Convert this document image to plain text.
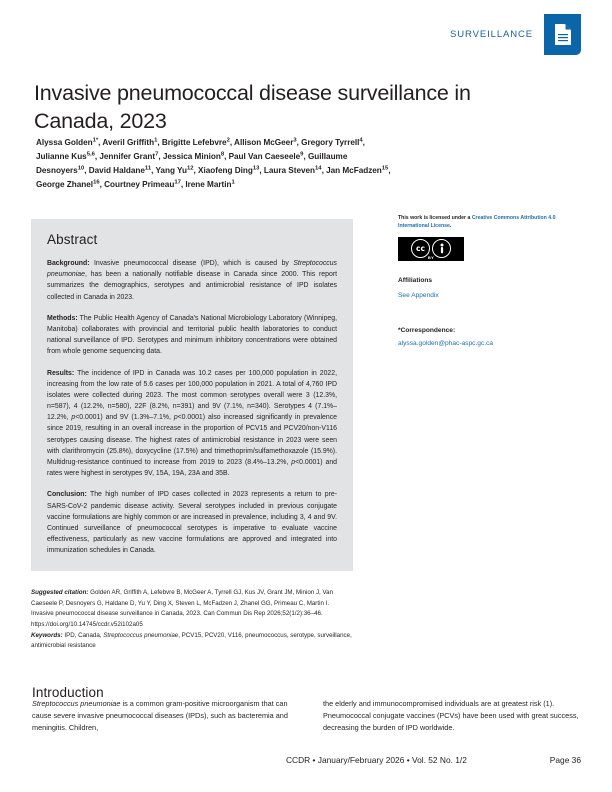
SURVEILLANCE
Invasive pneumococcal disease surveillance in Canada, 2023
Alyssa Golden$^{1*}$, Averil Griffith$^1$, Brigitte Lefebvre$^2$, Allison McGeer$^3$, Gregory Tyrrell$^4$, Julianne Kus$^{5,6}$, Jennifer Grant$^7$, Jessica Minion$^8$, Paul Van Caeseele$^9$, Guillaume Desnoyers$^{10}$, David Haldane$^{11}$, Yang Yu$^{12}$, Xiaofeng Ding$^{13}$, Laura Steven$^{14}$, Jan McFadzen$^{15}$, George Zhanel$^{16}$, Courtney Primeau$^{17}$, Irene Martin$^1$
Abstract

Background: Invasive pneumococcal disease (IPD), which is caused by Streptococcus pneumoniae, has been a nationally notifiable disease in Canada since 2000. This report summarizes the demographics, serotypes and antimicrobial resistance of IPD isolates collected in Canada in 2023.

Methods: The Public Health Agency of Canada's National Microbiology Laboratory (Winnipeg, Manitoba) collaborates with provincial and territorial public health laboratories to conduct national surveillance of IPD. Serotypes and minimum inhibitory concentrations were obtained from whole genome sequencing data.

Results: The incidence of IPD in Canada was 10.2 cases per 100,000 population in 2022, increasing from the low rate of 5.6 cases per 100,000 population in 2021. A total of 4,760 IPD isolates were collected during 2023. The most common serotypes overall were 3 (12.3%, n=587), 4 (12.2%, n=580), 22F (8.2%, n=391) and 9V (7.1%, n=340). Serotypes 4 (7.1%–12.2%, p<0.0001) and 9V (1.3%–7.1%, p<0.0001) also increased significantly in prevalence since 2019, resulting in an overall increase in the proportion of PCV15 and PCV20/non-V116 serotypes causing disease. The highest rates of antimicrobial resistance in 2023 were seen with clarithromycin (25.8%), doxycycline (17.5%) and trimethoprim/sulfamethoxazole (15.9%). Multidrug-resistance continued to increase from 2019 to 2023 (8.4%–13.2%, p<0.0001) and rates were highest in serotypes 9V, 15A, 19A, 23A and 35B.

Conclusion: The high number of IPD cases collected in 2023 represents a return to pre-SARS-CoV-2 pandemic disease activity. Several serotypes included in previous conjugate vaccine formulations are highly common or are increased in prevalence, including 3, 4 and 9V. Continued surveillance of pneumococcal serotypes is imperative to evaluate vaccine effectiveness, particularly as new vaccine formulations are approved and integrated into immunization schedules in Canada.

Suggested citation: Golden AR, Griffith A, Lefebvre B, McGeer A, Tyrrell GJ, Kus JV, Grant JM, Minion J, Van Caeseele P, Desnoyers G, Haldane D, Yu Y, Ding X, Steven L, McFadzen J, Zhanel GG, Primeau C, Martin I. Invasive pneumococcal disease surveillance in Canada, 2023. Can Commun Dis Rep 2026;52(1/2):36–46.
https://doi.org/10.14745/ccdr.v52i102a05
Keywords: IPD, Canada, Streptococcus pneumoniae, PCV15, PCV20, V116, pneumococcus, serotype, surveillance, antimicrobial resistance
This work is licensed under a Creative Commons Attribution 4.0 International License.
cc
BY
Affiliations
See Appendix
*Correspondence:
alyssa.golden@phac-aspc.gc.ca
Introduction

Streptococcus pneumoniae is a common gram-positive microorganism that can cause severe invasive pneumococcal diseases (IPDs), such as bacteremia and meningitis. Children,

the elderly and immunocompromised individuals are at greatest risk (1). Pneumococcal conjugate vaccines (PCVs) have been used with great success, decreasing the burden of IPD worldwide.

CCDR • January/February 2026 • Vol. 52 No. 1/2	Page 36
